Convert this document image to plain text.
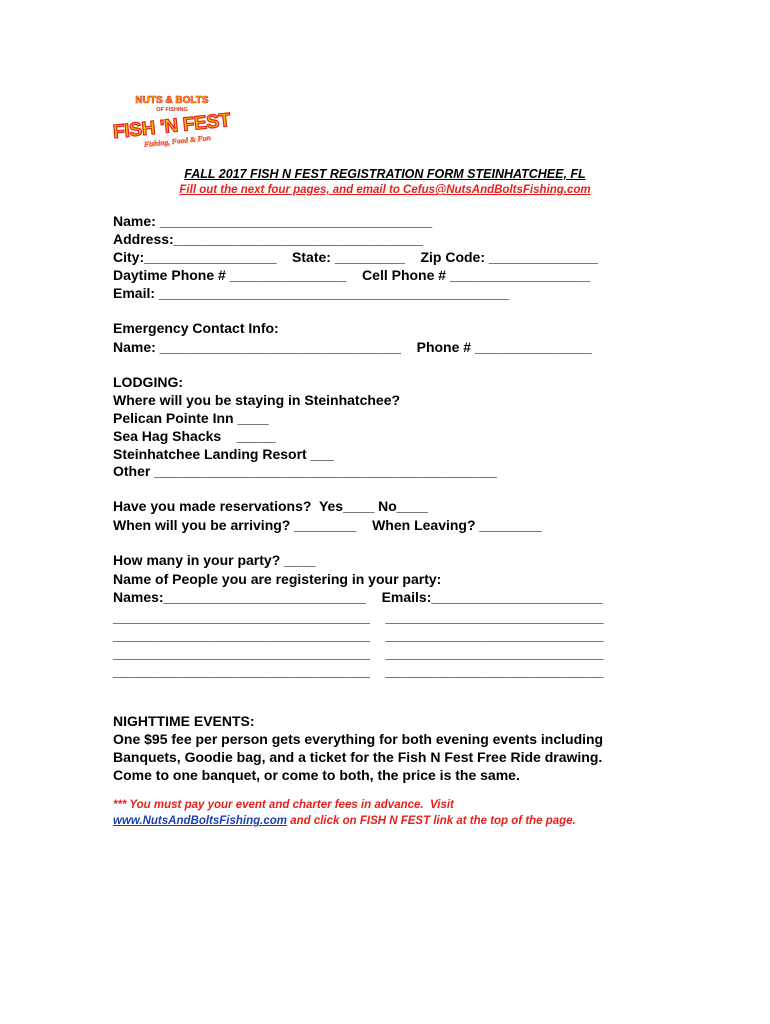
NUTS & BOLTS
OF FISHING
FISH 'N FEST
Fishing, Food & Fun
FALL 2017 FISH N FEST REGISTRATION FORM STEINHATCHEE, FL
Fill out the next four pages, and email to Cefus@NutsAndBoltsFishing.com
Name: ___________________________________
Address:________________________________
City:_________________    State: _________    Zip Code: ______________
Daytime Phone # _______________    Cell Phone # __________________
Email: _____________________________________________
Emergency Contact Info:
Name: _______________________________    Phone # _______________
LODGING:
Where will you be staying in Steinhatchee?
Pelican Pointe Inn ____
Sea Hag Shacks    _____
Steinhatchee Landing Resort ___
Other ____________________________________________
Have you made reservations?  Yes____ No____
When will you be arriving? ________    When Leaving? ________
How many in your party? ____
Name of People you are registering in your party:
Names:__________________________    Emails:______________________
_________________________________    ____________________________
_________________________________    ____________________________
_________________________________    ____________________________
_________________________________    ____________________________
NIGHTTIME EVENTS:
One $95 fee per person gets everything for both evening events including
Banquets, Goodie bag, and a ticket for the Fish N Fest Free Ride drawing.
Come to one banquet, or come to both, the price is the same.
*** You must pay your event and charter fees in advance.  Visit
www.NutsAndBoltsFishing.com and click on FISH N FEST link at the top of the page.
